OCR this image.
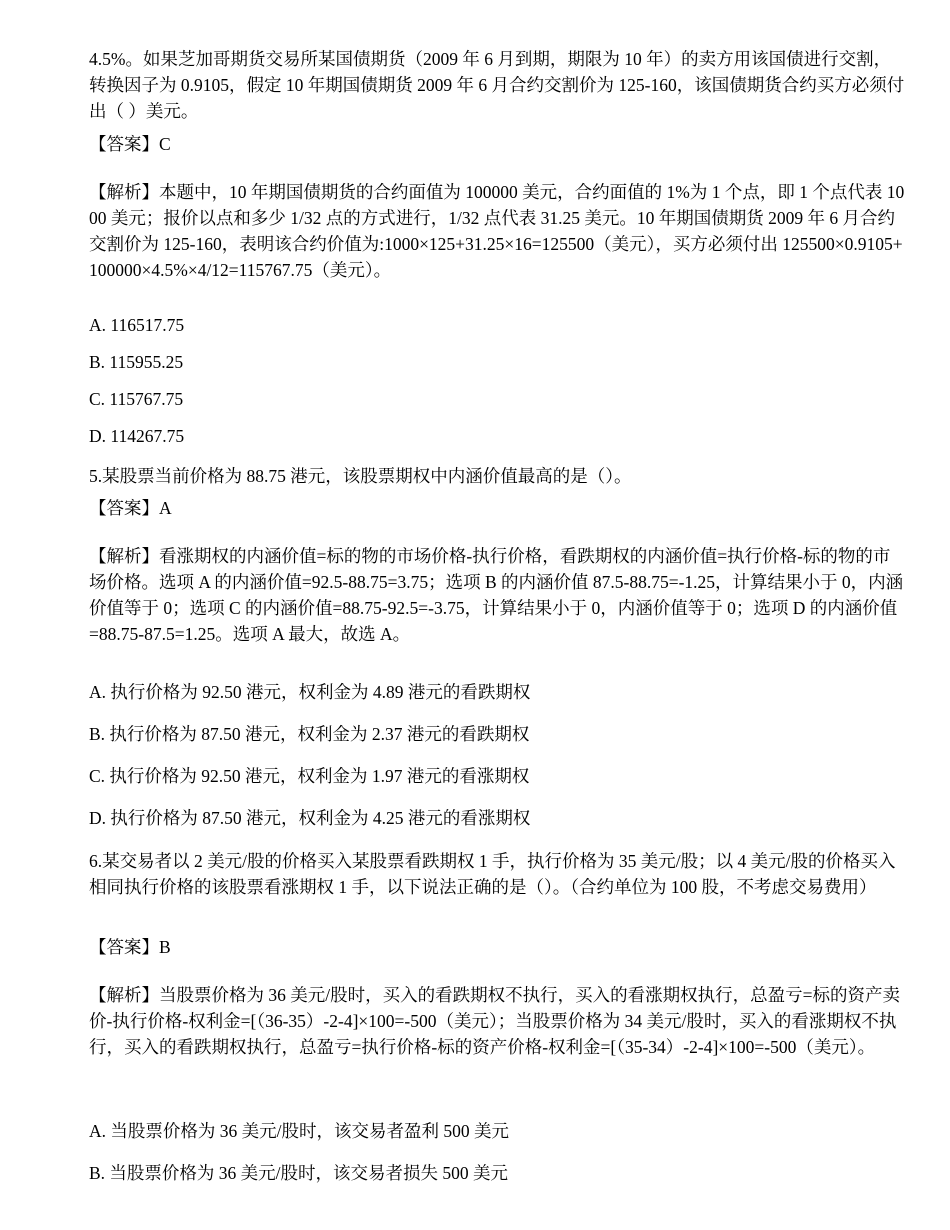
4.5%。如果芝加哥期货交易所某国债期货（2009 年 6 月到期，期限为 10 年）的卖方用该国债进行交割，转换因子为 0.9105，假定 10 年期国债期货 2009 年 6 月合约交割价为 125-160，该国债期货合约买方必须付出（ ）美元。
【答案】C
【解析】本题中，10 年期国债期货的合约面值为 100000 美元，合约面值的 1%为 1 个点，即 1 个点代表 1000 美元；报价以点和多少 1/32 点的方式进行，1/32 点代表 31.25 美元。10 年期国债期货 2009 年 6 月合约交割价为 125-160，表明该合约价值为:1000×125+31.25×16=125500（美元），买方必须付出 125500×0.9105+100000×4.5%×4/12=115767.75（美元）。
A. 116517.75
B. 115955.25
C. 115767.75
D. 114267.75
5.某股票当前价格为 88.75 港元，该股票期权中内涵价值最高的是（）。
【答案】A
【解析】看涨期权的内涵价值=标的物的市场价格-执行价格，看跌期权的内涵价值=执行价格-标的物的市场价格。选项 A 的内涵价值=92.5-88.75=3.75；选项 B 的内涵价值 87.5-88.75=-1.25，计算结果小于 0，内涵价值等于 0；选项 C 的内涵价值=88.75-92.5=-3.75，计算结果小于 0，内涵价值等于 0；选项 D 的内涵价值=88.75-87.5=1.25。选项 A 最大，故选 A。
A. 执行价格为 92.50 港元，权利金为 4.89 港元的看跌期权
B. 执行价格为 87.50 港元，权利金为 2.37 港元的看跌期权
C. 执行价格为 92.50 港元，权利金为 1.97 港元的看涨期权
D. 执行价格为 87.50 港元，权利金为 4.25 港元的看涨期权
6.某交易者以 2 美元/股的价格买入某股票看跌期权 1 手，执行价格为 35 美元/股；以 4 美元/股的价格买入相同执行价格的该股票看涨期权 1 手，以下说法正确的是（）。（合约单位为 100 股，不考虑交易费用）
【答案】B
【解析】当股票价格为 36 美元/股时，买入的看跌期权不执行，买入的看涨期权执行，总盈亏=标的资产卖价-执行价格-权利金=[（36-35）-2-4]×100=-500（美元）；当股票价格为 34 美元/股时，买入的看涨期权不执行，买入的看跌期权执行，总盈亏=执行价格-标的资产价格-权利金=[（35-34）-2-4]×100=-500（美元）。
A. 当股票价格为 36 美元/股时，该交易者盈利 500 美元
B. 当股票价格为 36 美元/股时，该交易者损失 500 美元
